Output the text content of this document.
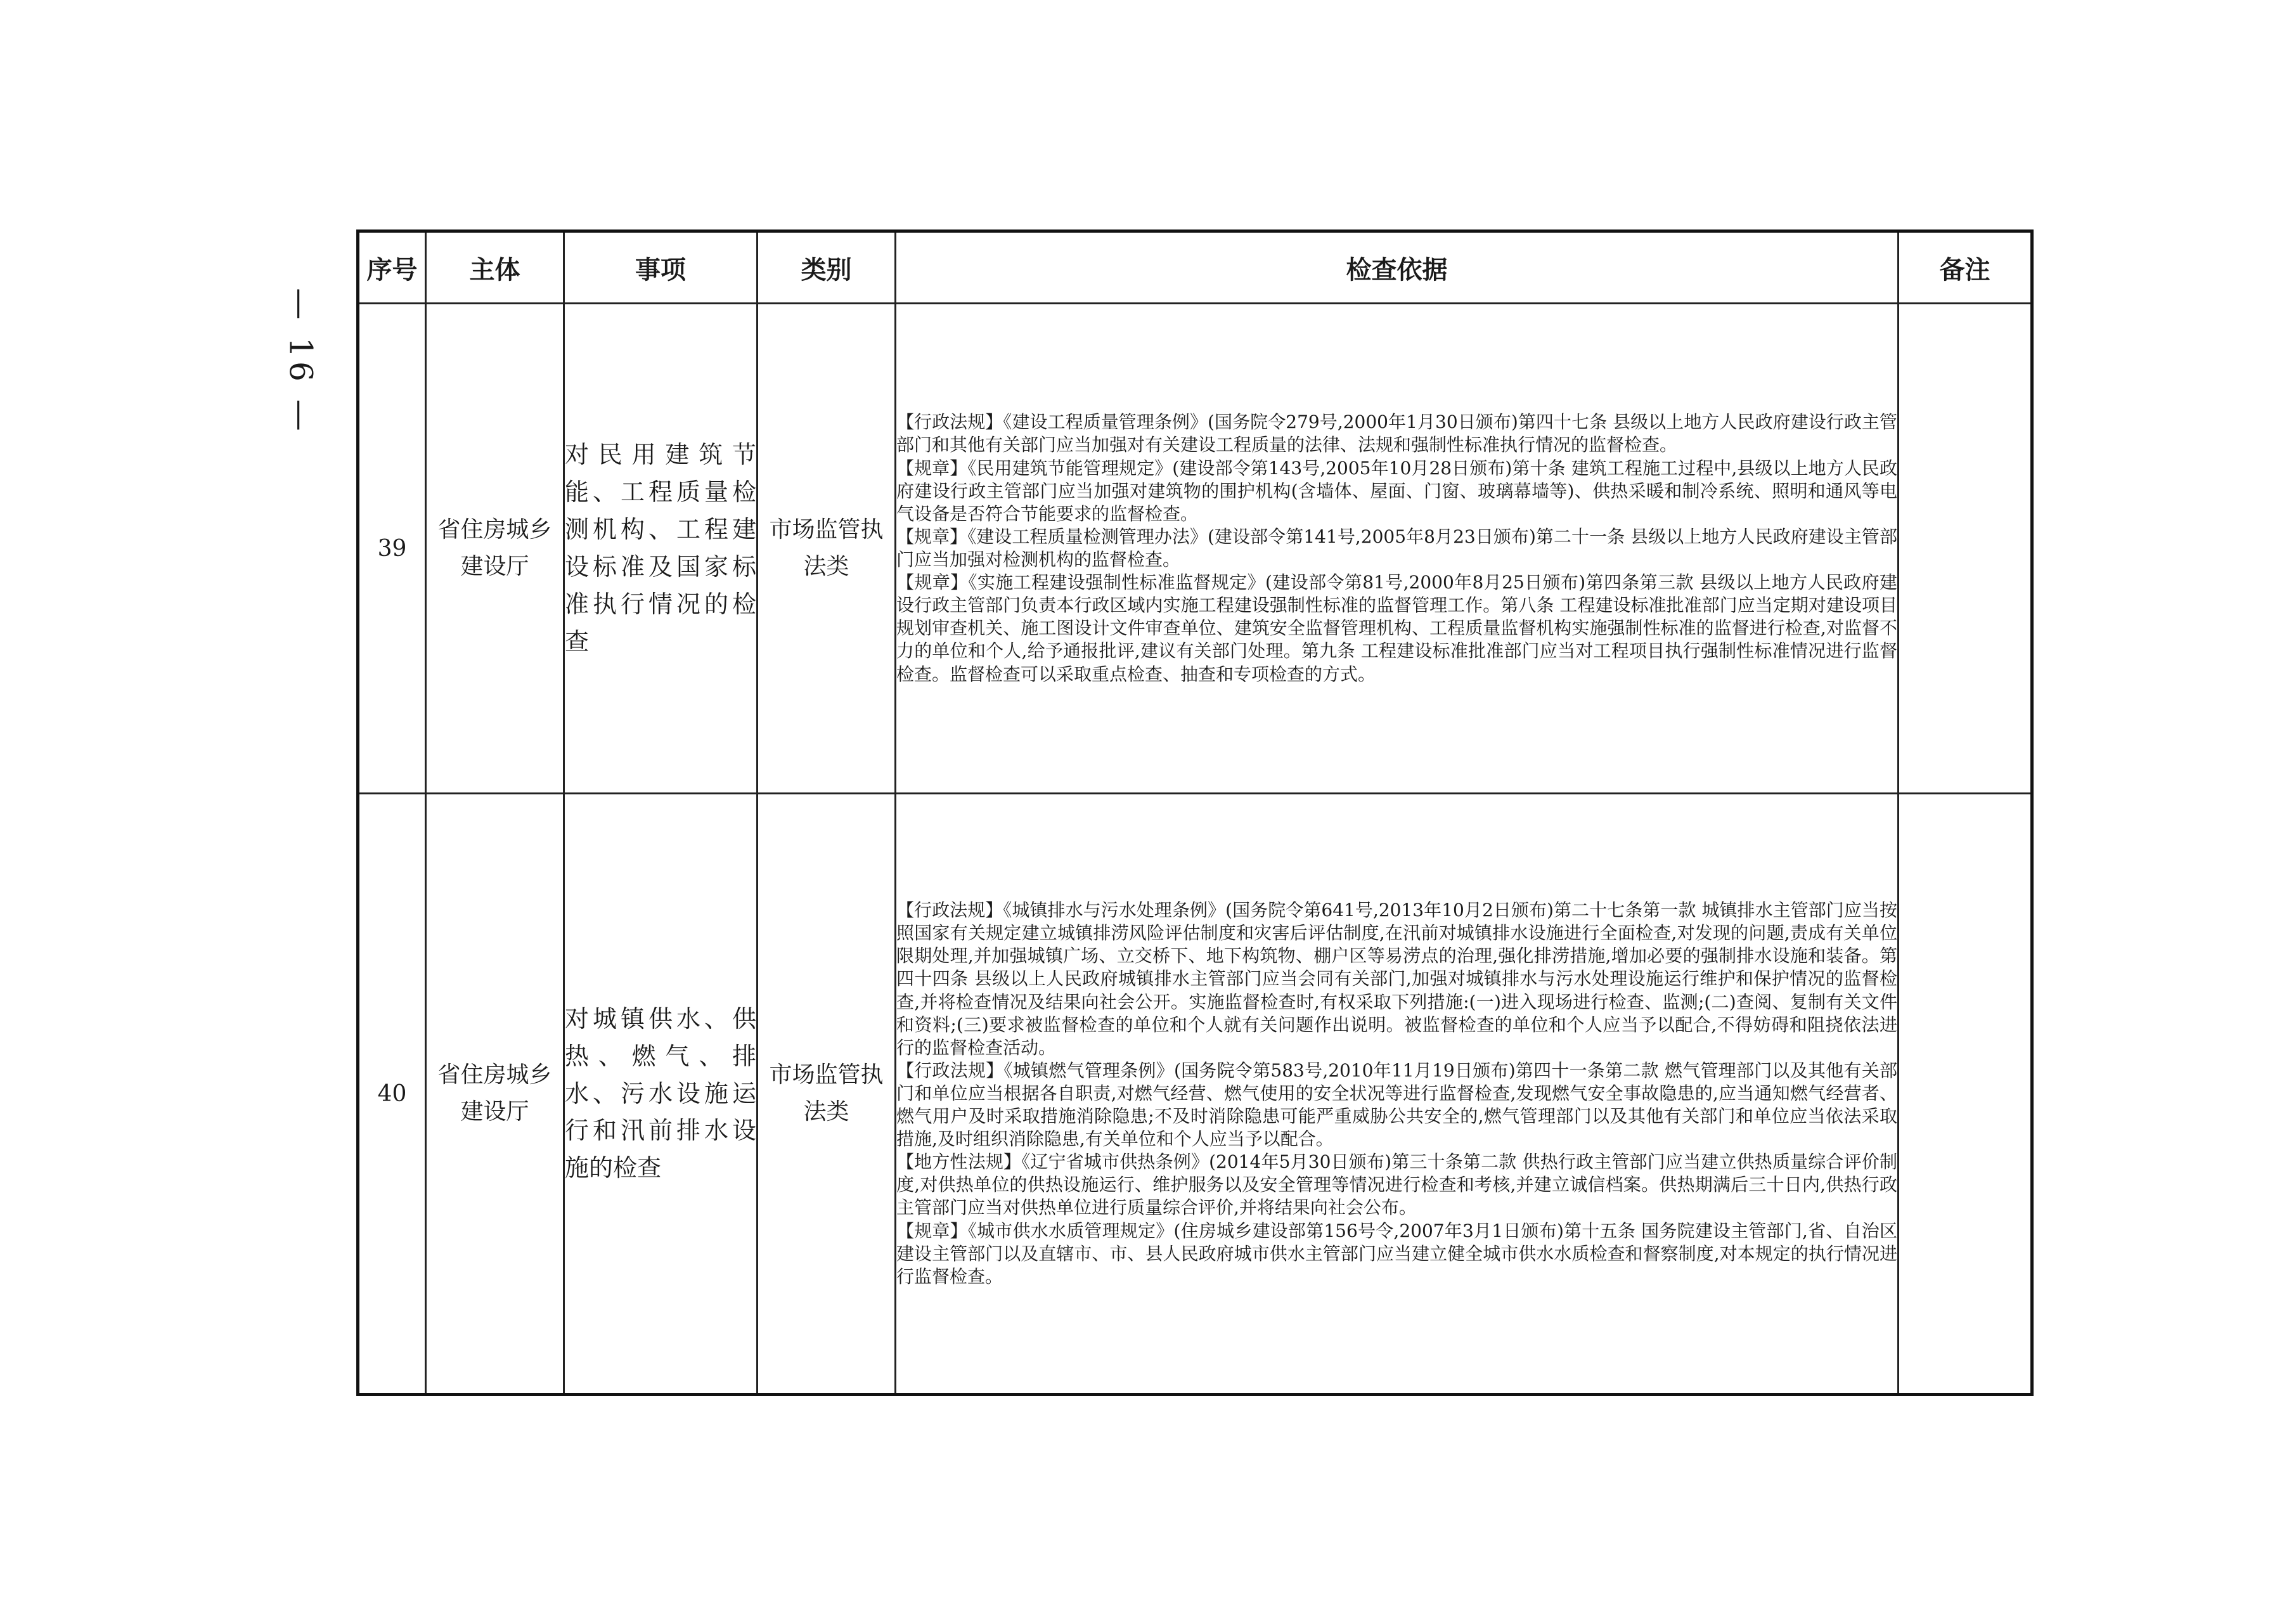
— 16 —
序号	主体	事项	类别	检查依据	备注
39	省住房城乡建设厅	对民用建筑节能、工程质量检测机构、工程建设标准及国家标准执行情况的检查	市场监管执法类	【行政法规】《建设工程质量管理条例》(国务院令279号,2000年1月30日颁布)第四十七条 县级以上地方人民政府建设行政主管部门和其他有关部门应当加强对有关建设工程质量的法律、法规和强制性标准执行情况的监督检查。
【规章】《民用建筑节能管理规定》(建设部令第143号,2005年10月28日颁布)第十条 建筑工程施工过程中,县级以上地方人民政府建设行政主管部门应当加强对建筑物的围护机构(含墙体、屋面、门窗、玻璃幕墙等)、供热采暖和制冷系统、照明和通风等电气设备是否符合节能要求的监督检查。
【规章】《建设工程质量检测管理办法》(建设部令第141号,2005年8月23日颁布)第二十一条 县级以上地方人民政府建设主管部门应当加强对检测机构的监督检查。
【规章】《实施工程建设强制性标准监督规定》(建设部令第81号,2000年8月25日颁布)第四条第三款 县级以上地方人民政府建设行政主管部门负责本行政区域内实施工程建设强制性标准的监督管理工作。第八条 工程建设标准批准部门应当定期对建设项目规划审查机关、施工图设计文件审查单位、建筑安全监督管理机构、工程质量监督机构实施强制性标准的监督进行检查,对监督不力的单位和个人,给予通报批评,建议有关部门处理。第九条 工程建设标准批准部门应当对工程项目执行强制性标准情况进行监督检查。监督检查可以采取重点检查、抽查和专项检查的方式。	
40	省住房城乡建设厅	对城镇供水、供热、燃气、排水、污水设施运行和汛前排水设施的检查	市场监管执法类	【行政法规】《城镇排水与污水处理条例》(国务院令第641号,2013年10月2日颁布)第二十七条第一款 城镇排水主管部门应当按照国家有关规定建立城镇排涝风险评估制度和灾害后评估制度,在汛前对城镇排水设施进行全面检查,对发现的问题,责成有关单位限期处理,并加强城镇广场、立交桥下、地下构筑物、棚户区等易涝点的治理,强化排涝措施,增加必要的强制排水设施和装备。第四十四条 县级以上人民政府城镇排水主管部门应当会同有关部门,加强对城镇排水与污水处理设施运行维护和保护情况的监督检查,并将检查情况及结果向社会公开。实施监督检查时,有权采取下列措施:(一)进入现场进行检查、监测;(二)查阅、复制有关文件和资料;(三)要求被监督检查的单位和个人就有关问题作出说明。被监督检查的单位和个人应当予以配合,不得妨碍和阻挠依法进行的监督检查活动。
【行政法规】《城镇燃气管理条例》(国务院令第583号,2010年11月19日颁布)第四十一条第二款 燃气管理部门以及其他有关部门和单位应当根据各自职责,对燃气经营、燃气使用的安全状况等进行监督检查,发现燃气安全事故隐患的,应当通知燃气经营者、燃气用户及时采取措施消除隐患;不及时消除隐患可能严重威胁公共安全的,燃气管理部门以及其他有关部门和单位应当依法采取措施,及时组织消除隐患,有关单位和个人应当予以配合。
【地方性法规】《辽宁省城市供热条例》(2014年5月30日颁布)第三十条第二款 供热行政主管部门应当建立供热质量综合评价制度,对供热单位的供热设施运行、维护服务以及安全管理等情况进行检查和考核,并建立诚信档案。供热期满后三十日内,供热行政主管部门应当对供热单位进行质量综合评价,并将结果向社会公布。
【规章】《城市供水水质管理规定》(住房城乡建设部第156号令,2007年3月1日颁布)第十五条 国务院建设主管部门,省、自治区建设主管部门以及直辖市、市、县人民政府城市供水主管部门应当建立健全城市供水水质检查和督察制度,对本规定的执行情况进行监督检查。	
